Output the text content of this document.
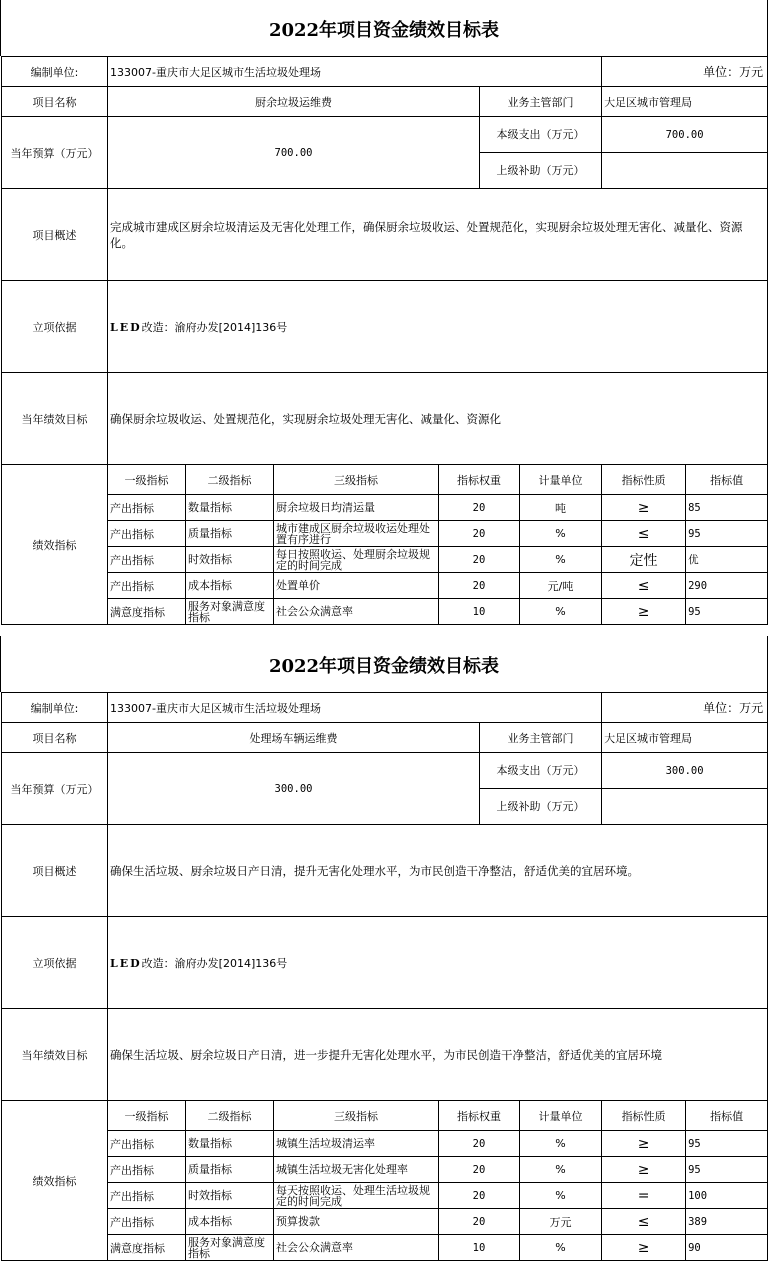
2022年项目资金绩效目标表
编制单位:	133007-重庆市大足区城市生活垃圾处理场						单位：万元	
项目名称	厨余垃圾运维费				业务主管部门		大足区城市管理局	
当年预算（万元）	700.00				本级支出（万元）		700.00	
					上级补助（万元）			
项目概述	完成城市建成区厨余垃圾清运及无害化处理工作，确保厨余垃圾收运、处置规范化，实现厨余垃圾处理无害化、减量化、资源化。							
立项依据	LED改造：渝府办发[2014]136号							
当年绩效目标	确保厨余垃圾收运、处置规范化，实现厨余垃圾处理无害化、减量化、资源化							
绩效指标	一级指标	二级指标	三级指标	指标权重		计量单位	指标性质	指标值
	产出指标	数量指标	厨余垃圾日均清运量	20		吨	≥	85
	产出指标	质量指标	城市建成区厨余垃圾收运处理处置有序进行	20		%	≤	95
	产出指标	时效指标	每日按照收运、处理厨余垃圾规定的时间完成	20		%	定性	优
	产出指标	成本指标	处置单价	20		元/吨	≤	290
	满意度指标	服务对象满意度指标	社会公众满意率	10		%	≥	95
2022年项目资金绩效目标表
编制单位:	133007-重庆市大足区城市生活垃圾处理场						单位：万元	
项目名称	处理场车辆运维费				业务主管部门		大足区城市管理局	
当年预算（万元）	300.00				本级支出（万元）		300.00	
					上级补助（万元）			
项目概述	确保生活垃圾、厨余垃圾日产日清，提升无害化处理水平，为市民创造干净整洁，舒适优美的宜居环境。							
立项依据	LED改造：渝府办发[2014]136号							
当年绩效目标	确保生活垃圾、厨余垃圾日产日清，进一步提升无害化处理水平，为市民创造干净整洁，舒适优美的宜居环境							
绩效指标	一级指标	二级指标	三级指标	指标权重		计量单位	指标性质	指标值
	产出指标	数量指标	城镇生活垃圾清运率	20		%	≥	95
	产出指标	质量指标	城镇生活垃圾无害化处理率	20		%	≥	95
	产出指标	时效指标	每天按照收运、处理生活垃圾规定的时间完成	20		%	=	100
	产出指标	成本指标	预算拨款	20		万元	≤	389
	满意度指标	服务对象满意度指标	社会公众满意率	10		%	≥	90
